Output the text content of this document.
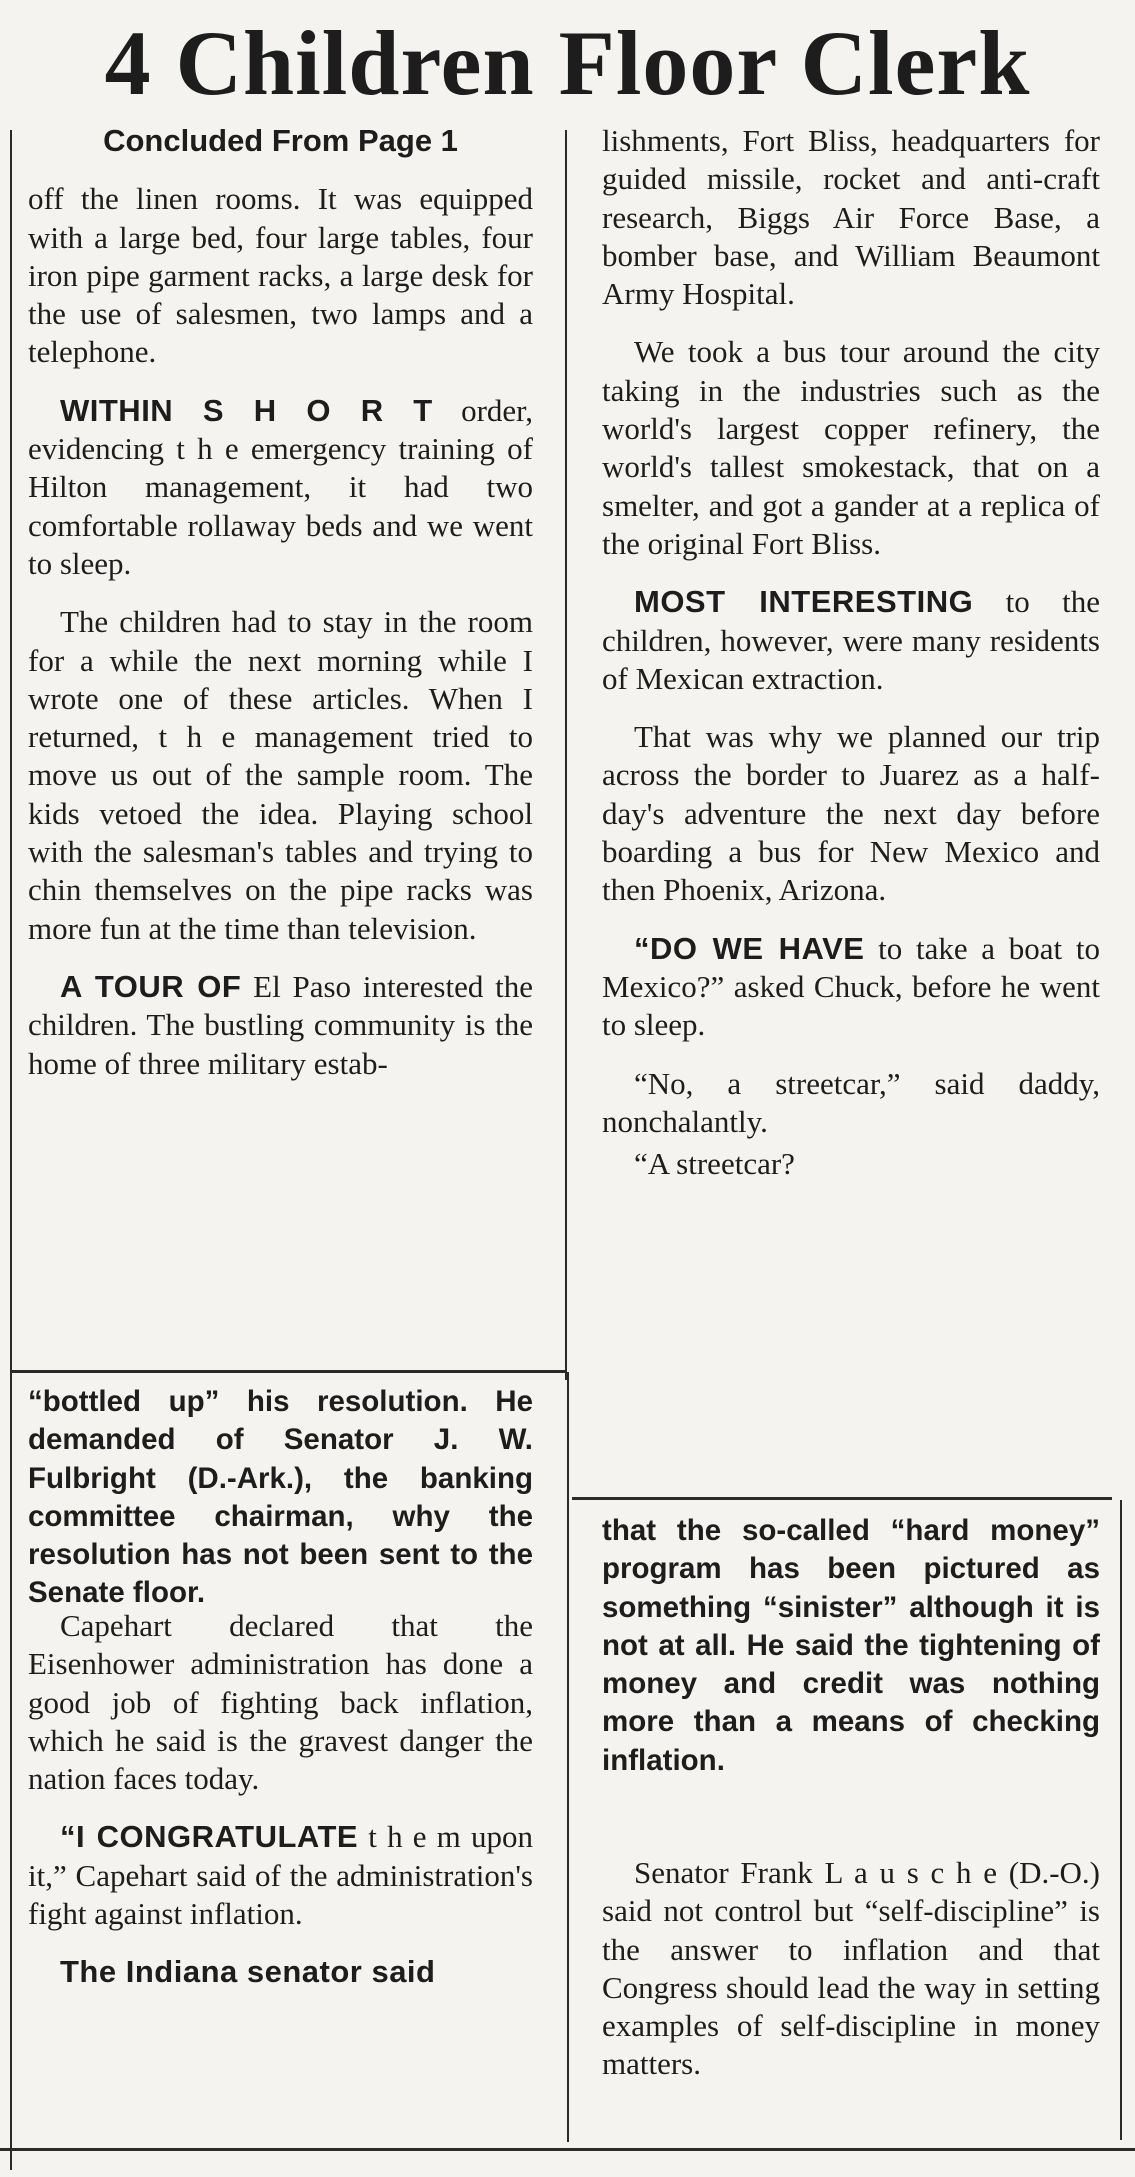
4 Children Floor Clerk

Concluded From Page 1

off the linen rooms. It was equipped with a large bed, four large tables, four iron pipe garment racks, a large desk for the use of salesmen, two lamps and a telephone.

WITHIN S H O R T order, evidencing t h e emergency training of Hilton management, it had two comfortable rollaway beds and we went to sleep.

The children had to stay in the room for a while the next morning while I wrote one of these articles. When I returned, t h e management tried to move us out of the sample room. The kids vetoed the idea. Playing school with the salesman's tables and trying to chin themselves on the pipe racks was more fun at the time than television.

A TOUR OF El Paso interested the children. The bustling community is the home of three military estab-

lishments, Fort Bliss, headquarters for guided missile, rocket and anti-craft research, Biggs Air Force Base, a bomber base, and William Beaumont Army Hospital.

We took a bus tour around the city taking in the industries such as the world's largest copper refinery, the world's tallest smokestack, that on a smelter, and got a gander at a replica of the original Fort Bliss.

MOST INTERESTING to the children, however, were many residents of Mexican extraction.

That was why we planned our trip across the border to Juarez as a half-day's adventure the next day before boarding a bus for New Mexico and then Phoenix, Arizona.

“DO WE HAVE to take a boat to Mexico?” asked Chuck, before he went to sleep.

“No, a streetcar,” said daddy, nonchalantly.

“A streetcar?

“bottled up” his resolution. He demanded of Senator J. W. Fulbright (D.-Ark.), the banking committee chairman, why the resolution has not been sent to the Senate floor.

Capehart declared that the Eisenhower administration has done a good job of fighting back inflation, which he said is the gravest danger the nation faces today.

“I CONGRATULATE t h e m upon it,” Capehart said of the administration's fight against inflation.

The Indiana senator said

that the so-called “hard money” program has been pictured as something “sinister” although it is not at all. He said the tightening of money and credit was nothing more than a means of checking inflation.

Senator Frank L a u s c h e (D.-O.) said not control but “self-discipline” is the answer to inflation and that Congress should lead the way in setting examples of self-discipline in money matters.
